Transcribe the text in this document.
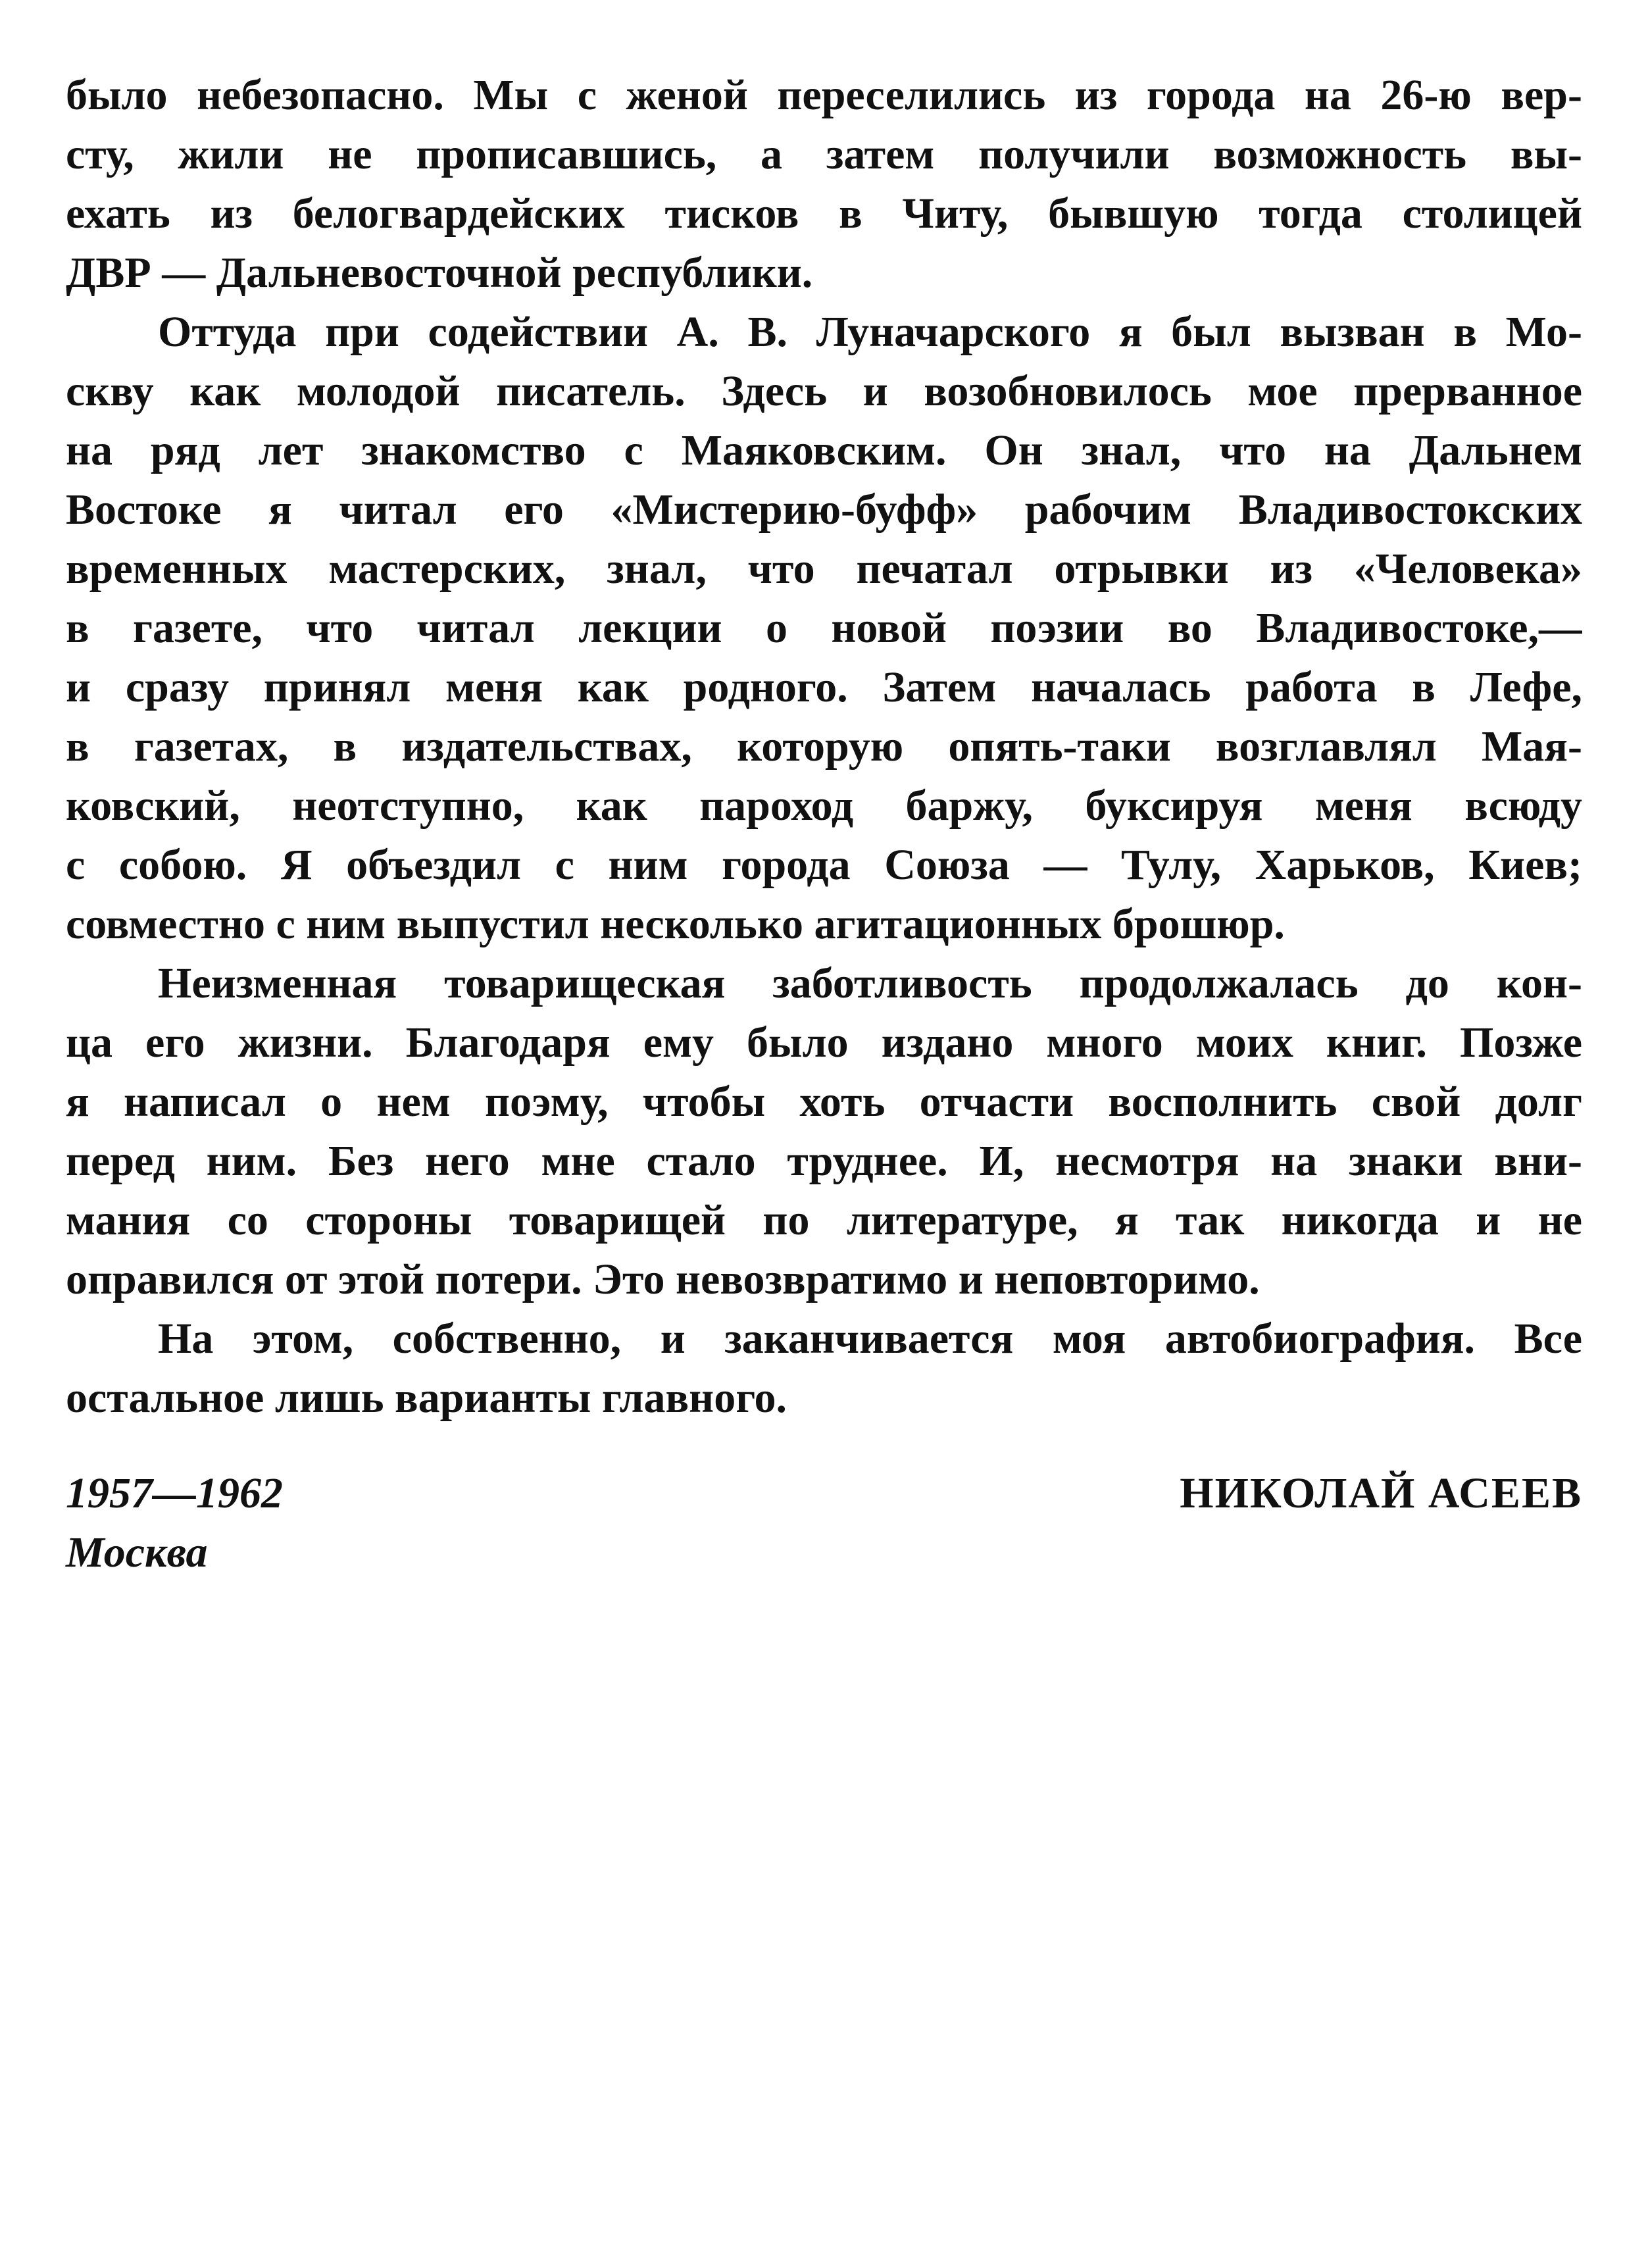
было небезопасно. Мы с женой переселились из города на 26-ю вер-
сту, жили не прописавшись, а затем получили возможность вы-
ехать из белогвардейских тисков в Читу, бывшую тогда столицей
ДВР — Дальневосточной республики.
Оттуда при содействии А. В. Луначарского я был вызван в Мо-
скву как молодой писатель. Здесь и возобновилось мое прерванное
на ряд лет знакомство с Маяковским. Он знал, что на Дальнем
Востоке я читал его «Мистерию-буфф» рабочим Владивостокских
временных мастерских, знал, что печатал отрывки из «Человека»
в газете, что читал лекции о новой поэзии во Владивостоке,—
и сразу принял меня как родного. Затем началась работа в Лефе,
в газетах, в издательствах, которую опять-таки возглавлял Мая-
ковский, неотступно, как пароход баржу, буксируя меня всюду
с собою. Я объездил с ним города Союза — Тулу, Харьков, Киев;
совместно с ним выпустил несколько агитационных брошюр.
Неизменная товарищеская заботливость продолжалась до кон-
ца его жизни. Благодаря ему было издано много моих книг. Позже
я написал о нем поэму, чтобы хоть отчасти восполнить свой долг
перед ним. Без него мне стало труднее. И, несмотря на знаки вни-
мания со стороны товарищей по литературе, я так никогда и не
оправился от этой потери. Это невозвратимо и неповторимо.
На этом, собственно, и заканчивается моя автобиография. Все
остальное лишь варианты главного.
1957—1962
Москва
НИКОЛАЙ АСЕЕВ
